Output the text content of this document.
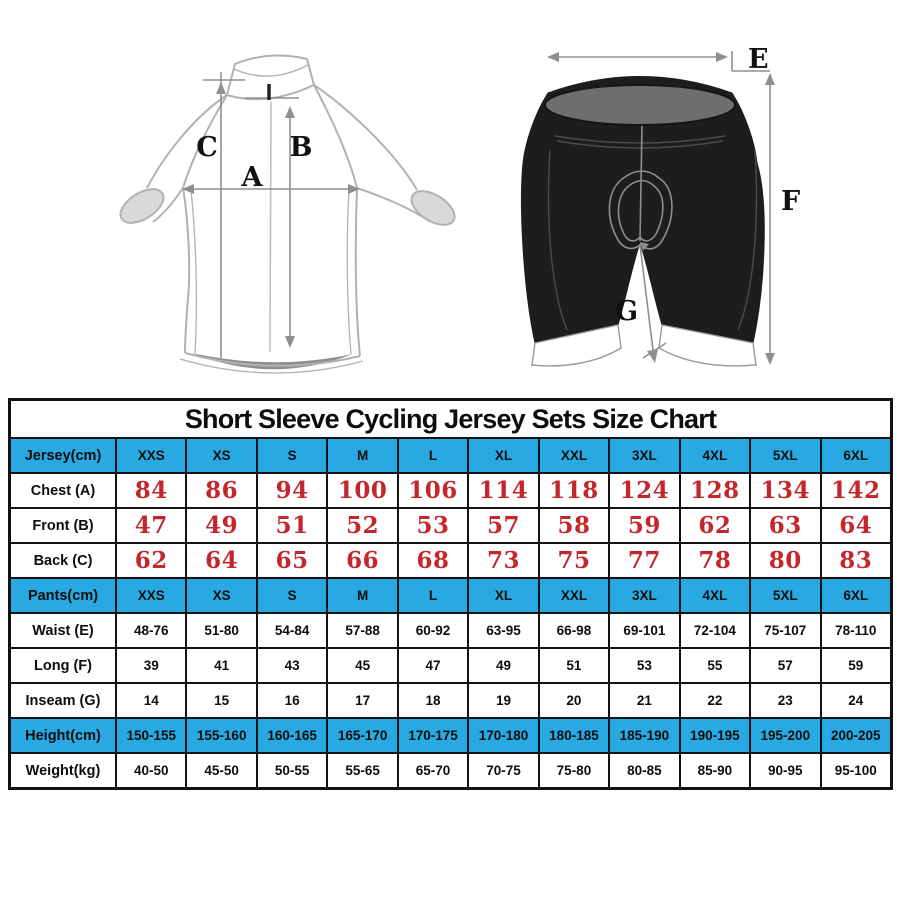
C	B
A
E
F
G
Short Sleeve Cycling Jersey Sets Size Chart
Jersey(cm)	XXS	XS	S	M	L	XL	XXL	3XL	4XL	5XL	6XL
Chest (A)	84	86	94	100 106 114 118 124 128 134 142
Front (B)	47	49	51	52	53	57	58	59	62	63	64
Back (C)	62	64	65	66	68	73	75	77	78	80	83
Pants(cm)	XXS	XS	S	M	L	XL	XXL	3XL	4XL	5XL	6XL
Waist (E)	48-76	51-80	54-84	57-88	60-92	63-95	66-98	69-101	72-104	75-107	78-110
Long (F)	39	41	43	45	47	49	51	53	55	57	59
Inseam (G)	14	15	16	17	18	19	20	21	22	23	24
Height(cm)	150-155	155-160	160-165	165-170	170-175	170-180	180-185	185-190	190-195	195-200	200-205
Weight(kg)	40-50	45-50	50-55	55-65	65-70	70-75	75-80	80-85	85-90	90-95	95-100
